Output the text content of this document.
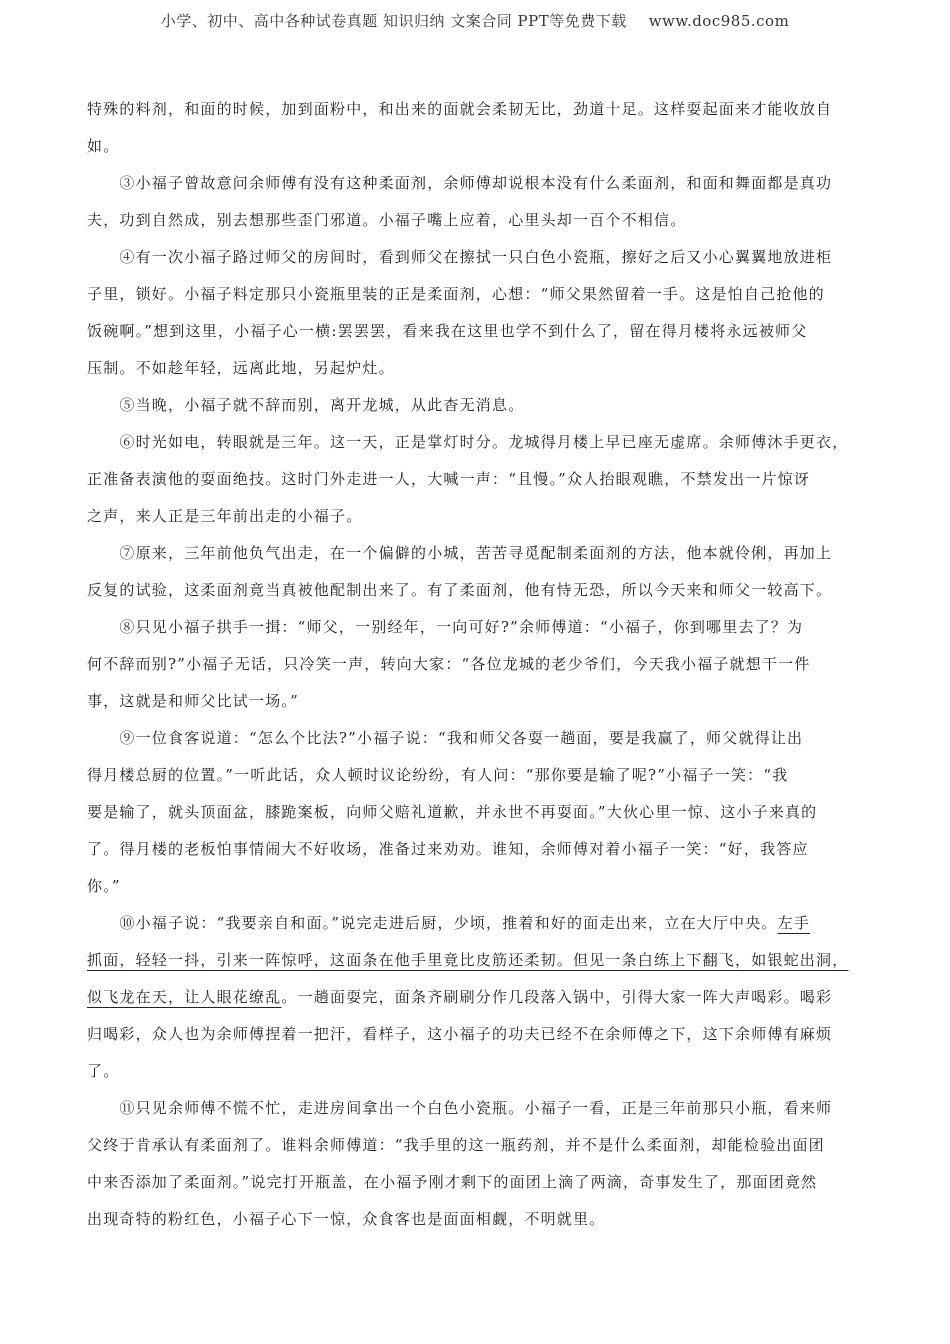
小学、初中、高中各种试卷真题 知识归纳 文案合同 PPT等免费下载 www.doc985.com
特殊的料剂，和面的时候，加到面粉中，和出来的面就会柔韧无比，劲道十足。这样耍起面来才能收放自
如。
　　③小福子曾故意问余师傅有没有这种柔面剂，余师傅却说根本没有什么柔面剂，和面和舞面都是真功
夫，功到自然成，别去想那些歪门邪道。小福子嘴上应着，心里头却一百个不相信。
　　④有一次小福子路过师父的房间时，看到师父在擦拭一只白色小瓷瓶，擦好之后又小心翼翼地放进柜
子里，锁好。小福子料定那只小瓷瓶里装的正是柔面剂，心想：“师父果然留着一手。这是怕自己抢他的
饭碗啊。”想到这里，小福子心一横:罢罢罢，看来我在这里也学不到什么了，留在得月楼将永远被师父
压制。不如趁年轻，远离此地，另起炉灶。
　　⑤当晚，小福子就不辞而别，离开龙城，从此杳无消息。
　　⑥时光如电，转眼就是三年。这一天，正是掌灯时分。龙城得月楼上早已座无虚席。余师傅沐手更衣，
正准备表演他的耍面绝技。这时门外走进一人，大喊一声：“且慢。”众人抬眼观瞧，不禁发出一片惊讶
之声，来人正是三年前出走的小福子。
　　⑦原来，三年前他负气出走，在一个偏僻的小城，苦苦寻觅配制柔面剂的方法，他本就伶俐，再加上
反复的试验，这柔面剂竟当真被他配制出来了。有了柔面剂，他有恃无恐，所以今天来和师父一较高下。
　　⑧只见小福子拱手一揖：“师父，一别经年，一向可好?”余师傅道：“小福子，你到哪里去了？为
何不辞而别?”小福子无话，只冷笑一声，转向大家：“各位龙城的老少爷们，今天我小福子就想干一件
事，这就是和师父比试一场。”
　　⑨一位食客说道：“怎么个比法?”小福子说：“我和师父各耍一趟面，要是我赢了，师父就得让出
得月楼总厨的位置。”一听此话，众人顿时议论纷纷，有人问：“那你要是输了呢?”小福子一笑：“我
要是输了，就头顶面盆，膝跪案板，向师父赔礼道歉，并永世不再耍面。”大伙心里一惊、这小子来真的
了。得月楼的老板怕事情闹大不好收场，准备过来劝劝。谁知，余师傅对着小福子一笑：“好，我答应
你。”
　　⑩小福子说：“我要亲自和面。”说完走进后厨，少顷，推着和好的面走出来，立在大厅中央。左手
抓面，轻轻一抖，引来一阵惊呼，这面条在他手里竟比皮筋还柔韧。但见一条白练上下翻飞，如银蛇出洞，
似飞龙在天，让人眼花缭乱。一趟面耍完，面条齐刷刷分作几段落入锅中，引得大家一阵大声喝彩。喝彩
归喝彩，众人也为余师傅捏着一把汗，看样子，这小福子的功夫已经不在余师傅之下，这下余师傅有麻烦
了。
　　⑪只见余师傅不慌不忙，走进房间拿出一个白色小瓷瓶。小福子一看，正是三年前那只小瓶，看来师
父终于肯承认有柔面剂了。谁料余师傅道：“我手里的这一瓶药剂，并不是什么柔面剂，却能检验出面团
中来否添加了柔面剂。”说完打开瓶盖，在小福予刚才剩下的面团上滴了两滴，奇事发生了，那面团竟然
出现奇特的粉红色，小福子心下一惊，众食客也是面面相觑，不明就里。
